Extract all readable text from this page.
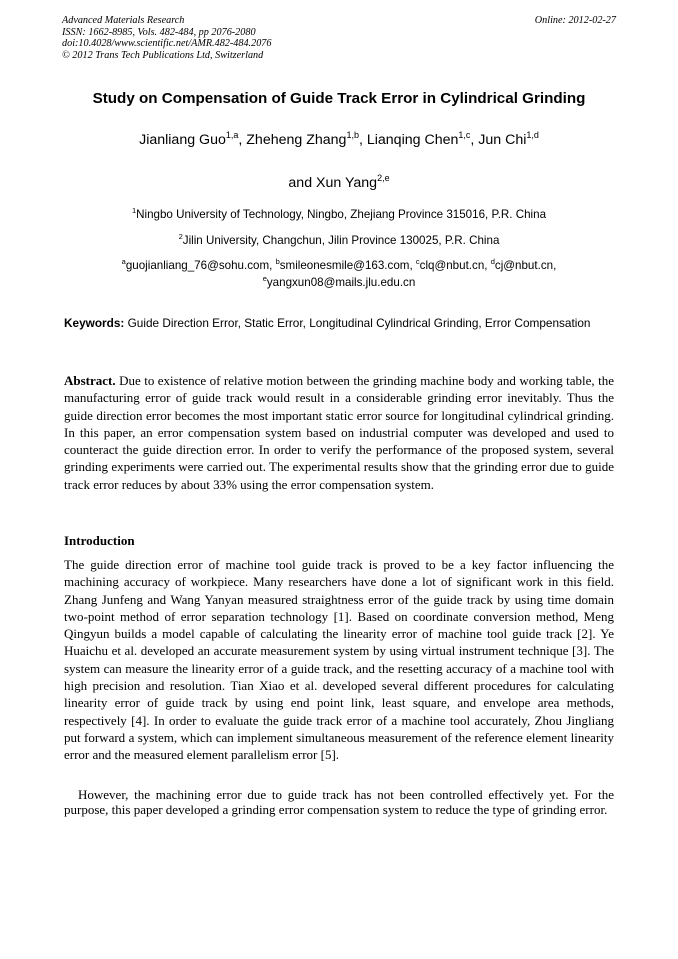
Advanced Materials Research
ISSN: 1662-8985, Vols. 482-484, pp 2076-2080
doi:10.4028/www.scientific.net/AMR.482-484.2076
© 2012 Trans Tech Publications Ltd, Switzerland
Online: 2012-02-27
Study on Compensation of Guide Track Error in Cylindrical Grinding
Jianliang Guo$^{1,a}$, Zheheng Zhang$^{1,b}$, Lianqing Chen$^{1,c}$, Jun Chi$^{1,d}$
and Xun Yang$^{2,e}$
$^1$Ningbo University of Technology, Ningbo, Zhejiang Province 315016, P.R. China
$^2$Jilin University, Changchun, Jilin Province 130025, P.R. China
$^a$guojianliang_76@sohu.com, $^b$smileonesmile@163.com, $^c$clq@nbut.cn, $^d$cj@nbut.cn,
$^e$yangxun08@mails.jlu.edu.cn
Keywords: Guide Direction Error, Static Error, Longitudinal Cylindrical Grinding, Error Compensation
Abstract. Due to existence of relative motion between the grinding machine body and working table, the manufacturing error of guide track would result in a considerable grinding error inevitably. Thus the guide direction error becomes the most important static error source for longitudinal cylindrical grinding. In this paper, an error compensation system based on industrial computer was developed and used to counteract the guide direction error. In order to verify the performance of the proposed system, several grinding experiments were carried out. The experimental results show that the grinding error due to guide track error reduces by about 33% using the error compensation system.
Introduction
The guide direction error of machine tool guide track is proved to be a key factor influencing the machining accuracy of workpiece. Many researchers have done a lot of significant work in this field. Zhang Junfeng and Wang Yanyan measured straightness error of the guide track by using time domain two-point method of error separation technology [1]. Based on coordinate conversion method, Meng Qingyun builds a model capable of calculating the linearity error of machine tool guide track [2]. Ye Huaichu et al. developed an accurate measurement system by using virtual instrument technique [3]. The system can measure the linearity error of a guide track, and the resetting accuracy of a machine tool with high precision and resolution. Tian Xiao et al. developed several different procedures for calculating linearity error of guide track by using end point link, least square, and envelope area methods, respectively [4]. In order to evaluate the guide track error of a machine tool accurately, Zhou Jingliang put forward a system, which can implement simultaneous measurement of the reference element linearity error and the measured element parallelism error [5].
However, the machining error due to guide track has not been controlled effectively yet. For the purpose, this paper developed a grinding error compensation system to reduce the type of grinding error.
